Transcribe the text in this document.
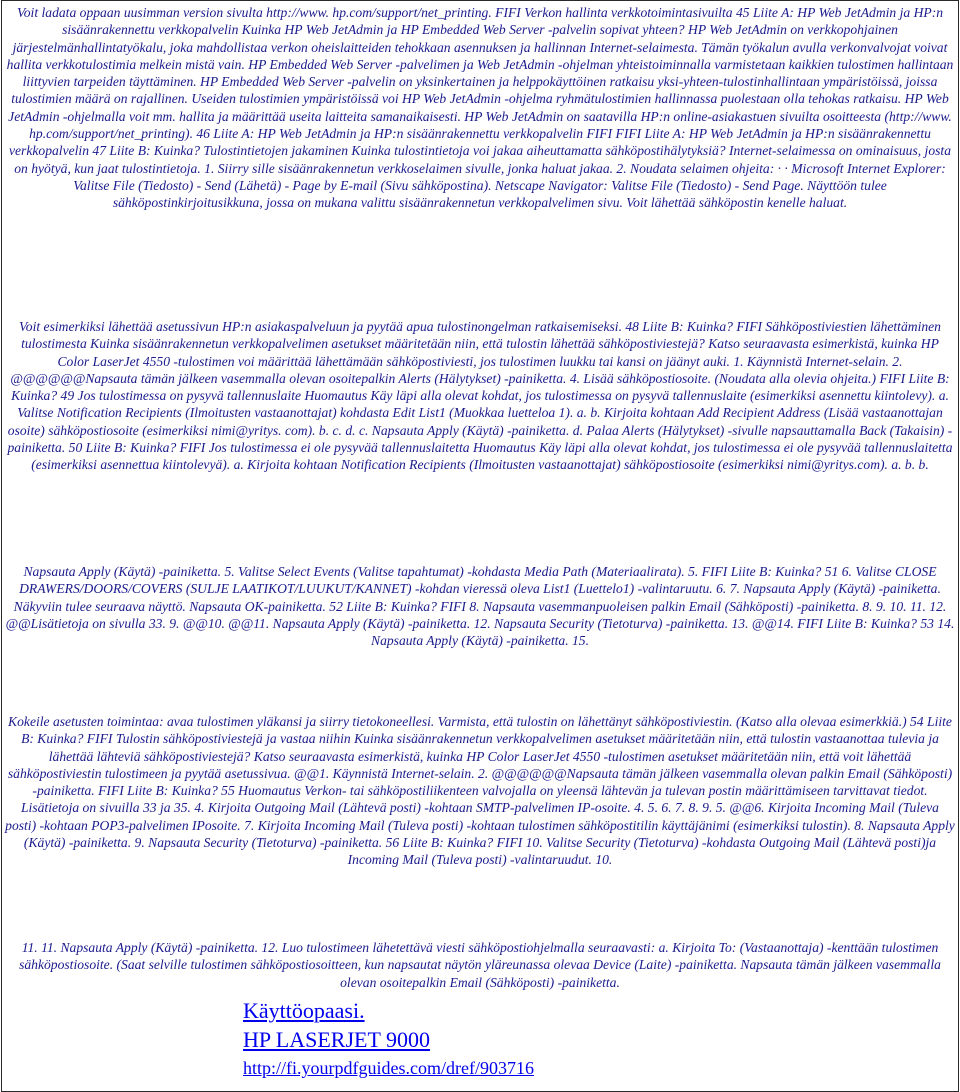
Voit ladata oppaan uusimman version sivulta http://www. hp.com/support/net_printing. FIFI Verkon hallinta verkkotoimintasivuilta 45 Liite A: HP Web JetAdmin ja HP:n sisäänrakennettu verkkopalvelin Kuinka HP Web JetAdmin ja HP Embedded Web Server -palvelin sopivat yhteen? HP Web JetAdmin on verkkopohjainen järjestelmänhallintatyökalu, joka mahdollistaa verkon oheislaitteiden tehokkaan asennuksen ja hallinnan Internet-selaimesta. Tämän työkalun avulla verkonvalvojat voivat hallita verkkotulostimia melkein mistä vain. HP Embedded Web Server -palvelimen ja Web JetAdmin -ohjelman yhteistoiminnalla varmistetaan kaikkien tulostimen hallintaan liittyvien tarpeiden täyttäminen. HP Embedded Web Server -palvelin on yksinkertainen ja helppokäyttöinen ratkaisu yksi-yhteen-tulostinhallintaan ympäristöissä, joissa tulostimien määrä on rajallinen. Useiden tulostimien ympäristöissä voi HP Web JetAdmin -ohjelma ryhmätulostimien hallinnassa puolestaan olla tehokas ratkaisu. HP Web JetAdmin -ohjelmalla voit mm. hallita ja määrittää useita laitteita samanaikaisesti. HP Web JetAdmin on saatavilla HP:n online-asiakastuen sivuilta osoitteesta (http://www. hp.com/support/net_printing). 46 Liite A: HP Web JetAdmin ja HP:n sisäänrakennettu verkkopalvelin FIFI FIFI Liite A: HP Web JetAdmin ja HP:n sisäänrakennettu verkkopalvelin 47 Liite B: Kuinka? Tulostintietojen jakaminen Kuinka tulostintietoja voi jakaa aiheuttamatta sähköpostihälytyksiä? Internet-selaimessa on ominaisuus, josta on hyötyä, kun jaat tulostintietoja. 1. Siirry sille sisäänrakennetun verkkoselaimen sivulle, jonka haluat jakaa. 2. Noudata selaimen ohjeita: · · Microsoft Internet Explorer: Valitse File (Tiedosto) - Send (Lähetä) - Page by E-mail (Sivu sähköpostina). Netscape Navigator: Valitse File (Tiedosto) - Send Page. Näyttöön tulee sähköpostinkirjoitusikkuna, jossa on mukana valittu sisäänrakennetun verkkopalvelimen sivu. Voit lähettää sähköpostin kenelle haluat.

Voit esimerkiksi lähettää asetussivun HP:n asiakaspalveluun ja pyytää apua tulostinongelman ratkaisemiseksi. 48 Liite B: Kuinka? FIFI Sähköpostiviestien lähettäminen tulostimesta Kuinka sisäänrakennetun verkkopalvelimen asetukset määritetään niin, että tulostin lähettää sähköpostiviestejä? Katso seuraavasta esimerkistä, kuinka HP Color LaserJet 4550 -tulostimen voi määrittää lähettämään sähköpostiviesti, jos tulostimen luukku tai kansi on jäänyt auki. 1. Käynnistä Internet-selain. 2. @@@@@@Napsauta tämän jälkeen vasemmalla olevan osoitepalkin Alerts (Hälytykset) -painiketta. 4. Lisää sähköpostiosoite. (Noudata alla olevia ohjeita.) FIFI Liite B: Kuinka? 49 Jos tulostimessa on pysyvä tallennuslaite Huomautus Käy läpi alla olevat kohdat, jos tulostimessa on pysyvä tallennuslaite (esimerkiksi asennettu kiintolevy). a. Valitse Notification Recipients (Ilmoitusten vastaanottajat) kohdasta Edit List1 (Muokkaa luetteloa 1). a. b. Kirjoita kohtaan Add Recipient Address (Lisää vastaanottajan osoite) sähköpostiosoite (esimerkiksi nimi@yritys. com). b. c. d. c. Napsauta Apply (Käytä) -painiketta. d. Palaa Alerts (Hälytykset) -sivulle napsauttamalla Back (Takaisin) -painiketta. 50 Liite B: Kuinka? FIFI Jos tulostimessa ei ole pysyvää tallennuslaitetta Huomautus Käy läpi alla olevat kohdat, jos tulostimessa ei ole pysyvää tallennuslaitetta (esimerkiksi asennettua kiintolevyä). a. Kirjoita kohtaan Notification Recipients (Ilmoitusten vastaanottajat) sähköpostiosoite (esimerkiksi nimi@yritys.com). a. b. b.

Napsauta Apply (Käytä) -painiketta. 5. Valitse Select Events (Valitse tapahtumat) -kohdasta Media Path (Materiaalirata). 5. FIFI Liite B: Kuinka? 51 6. Valitse CLOSE DRAWERS/DOORS/COVERS (SULJE LAATIKOT/LUUKUT/KANNET) -kohdan vieressä oleva List1 (Luettelo1) -valintaruutu. 6. 7. Napsauta Apply (Käytä) -painiketta. Näkyviin tulee seuraava näyttö. Napsauta OK-painiketta. 52 Liite B: Kuinka? FIFI 8. Napsauta vasemmanpuoleisen palkin Email (Sähköposti) -painiketta. 8. 9. 10. 11. 12. @@Lisätietoja on sivulla 33. 9. @@10. @@11. Napsauta Apply (Käytä) -painiketta. 12. Napsauta Security (Tietoturva) -painiketta. 13. @@14. FIFI Liite B: Kuinka? 53 14. Napsauta Apply (Käytä) -painiketta. 15.

Kokeile asetusten toimintaa: avaa tulostimen yläkansi ja siirry tietokoneellesi. Varmista, että tulostin on lähettänyt sähköpostiviestin. (Katso alla olevaa esimerkkiä.) 54 Liite B: Kuinka? FIFI Tulostin sähköpostiviestejä ja vastaa niihin Kuinka sisäänrakennetun verkkopalvelimen asetukset määritetään niin, että tulostin vastaanottaa tulevia ja lähettää lähteviä sähköpostiviestejä? Katso seuraavasta esimerkistä, kuinka HP Color LaserJet 4550 -tulostimen asetukset määritetään niin, että voit lähettää sähköpostiviestin tulostimeen ja pyytää asetussivua. @@1. Käynnistä Internet-selain. 2. @@@@@@Napsauta tämän jälkeen vasemmalla olevan palkin Email (Sähköposti) -painiketta. FIFI Liite B: Kuinka? 55 Huomautus Verkon- tai sähköpostiliikenteen valvojalla on yleensä lähtevän ja tulevan postin määrittämiseen tarvittavat tiedot. Lisätietoja on sivuilla 33 ja 35. 4. Kirjoita Outgoing Mail (Lähtevä posti) -kohtaan SMTP-palvelimen IP-osoite. 4. 5. 6. 7. 8. 9. 5. @@6. Kirjoita Incoming Mail (Tuleva posti) -kohtaan POP3-palvelimen IPosoite. 7. Kirjoita Incoming Mail (Tuleva posti) -kohtaan tulostimen sähköpostitilin käyttäjänimi (esimerkiksi tulostin). 8. Napsauta Apply (Käytä) -painiketta. 9. Napsauta Security (Tietoturva) -painiketta. 56 Liite B: Kuinka? FIFI 10. Valitse Security (Tietoturva) -kohdasta Outgoing Mail (Lähtevä posti)ja Incoming Mail (Tuleva posti) -valintaruudut. 10.

11. 11. Napsauta Apply (Käytä) -painiketta. 12. Luo tulostimeen lähetettävä viesti sähköpostiohjelmalla seuraavasti: a. Kirjoita To: (Vastaanottaja) -kenttään tulostimen sähköpostiosoite. (Saat selville tulostimen sähköpostiosoitteen, kun napsautat näytön yläreunassa olevaa Device (Laite) -painiketta. Napsauta tämän jälkeen vasemmalla olevan osoitepalkin Email (Sähköposti) -painiketta.

Käyttöopaasi.
HP LASERJET 9000
http://fi.yourpdfguides.com/dref/903716
